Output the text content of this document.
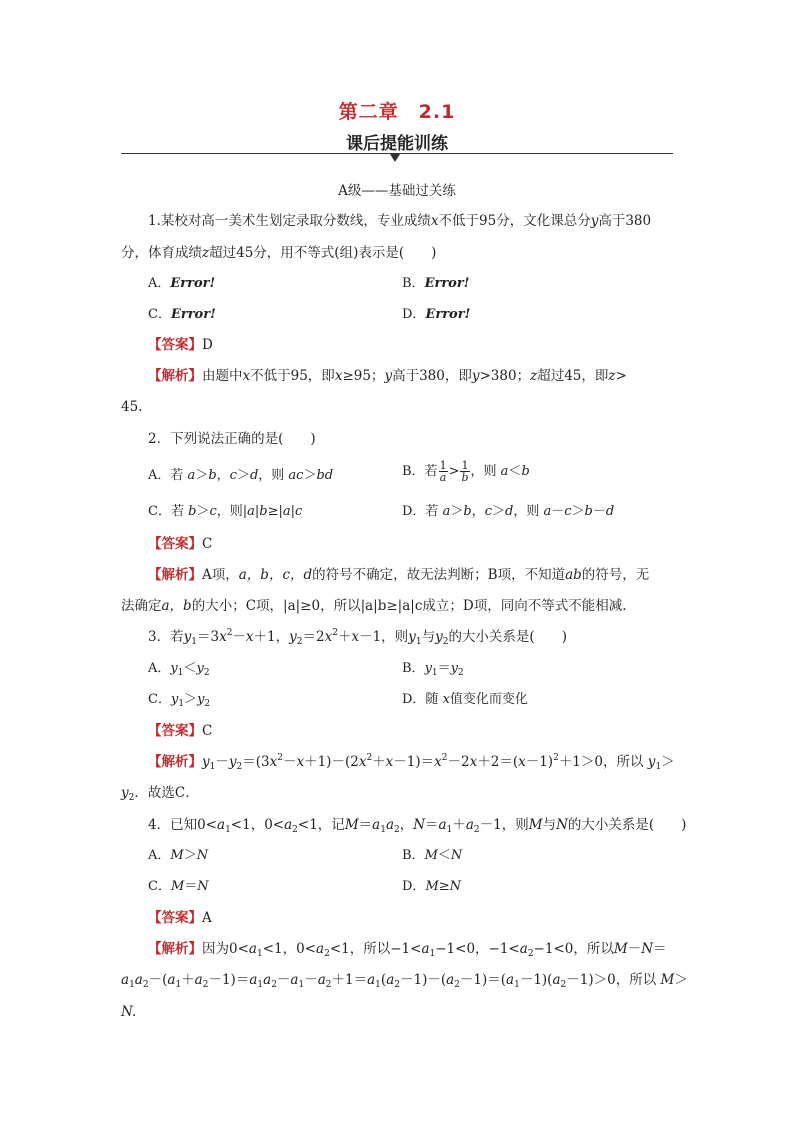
第二章 2.1
课后提能训练
A级——基础过关练
1.某校对高一美术生划定录取分数线，专业成绩x不低于95分，文化课总分y高于380
分，体育成绩z超过45分，用不等式(组)表示是(　　)
A．Error!	B．Error!
C．Error!	D．Error!
【答案】D
【解析】由题中x不低于95，即x≥95；y高于380，即y>380；z超过45，即z>
45.
2．下列说法正确的是(　　)
A．若 a＞b，c＞d，则 ac＞bd	B．若 $\frac{1}{a} > \frac{1}{b}$ ，则 a＜b
C．若 b＞c，则|a|b≥|a|c	D．若 a＞b，c＞d，则 a－c＞b－d
【答案】C
【解析】A项，a，b，c，d的符号不确定，故无法判断；B项，不知道ab的符号，无
法确定a，b的大小；C项，|a|≥0，所以|a|b≥|a|c成立；D项，同向不等式不能相减.
3．若$y_1=3x^2-x+1$，$y_2=2x^2+x-1$，则$y_1$与$y_2$的大小关系是(　　)
A．$y_1<y_2$	B．$y_1=y_2$
C．$y_1>y_2$	D．随 x值变化而变化
【答案】C
【解析】$y_1-y_2=(3x^2-x+1)-(2x^2+x-1)=x^2-2x+2=(x-1)^2+1>0$，所以 $y_1>$
$y_2$．故选C．
4．已知$0<a_1<1$，$0<a_2<1$，记$M=a_1a_2$，$N=a_1+a_2-1$，则M与N的大小关系是(　　)
A．M＞N	B．M＜N
C．M＝N	D．M≥N
【答案】A
【解析】因为$0<a_1<1$，$0<a_2<1$，所以$-1<a_1-1<0$，$-1<a_2-1<0$，所以M－N＝
$a_1a_2-(a_1+a_2-1)=a_1a_2-a_1-a_2+1=a_1(a_2-1)-(a_2-1)=(a_1-1)(a_2-1)>0$，所以 M＞
N.
